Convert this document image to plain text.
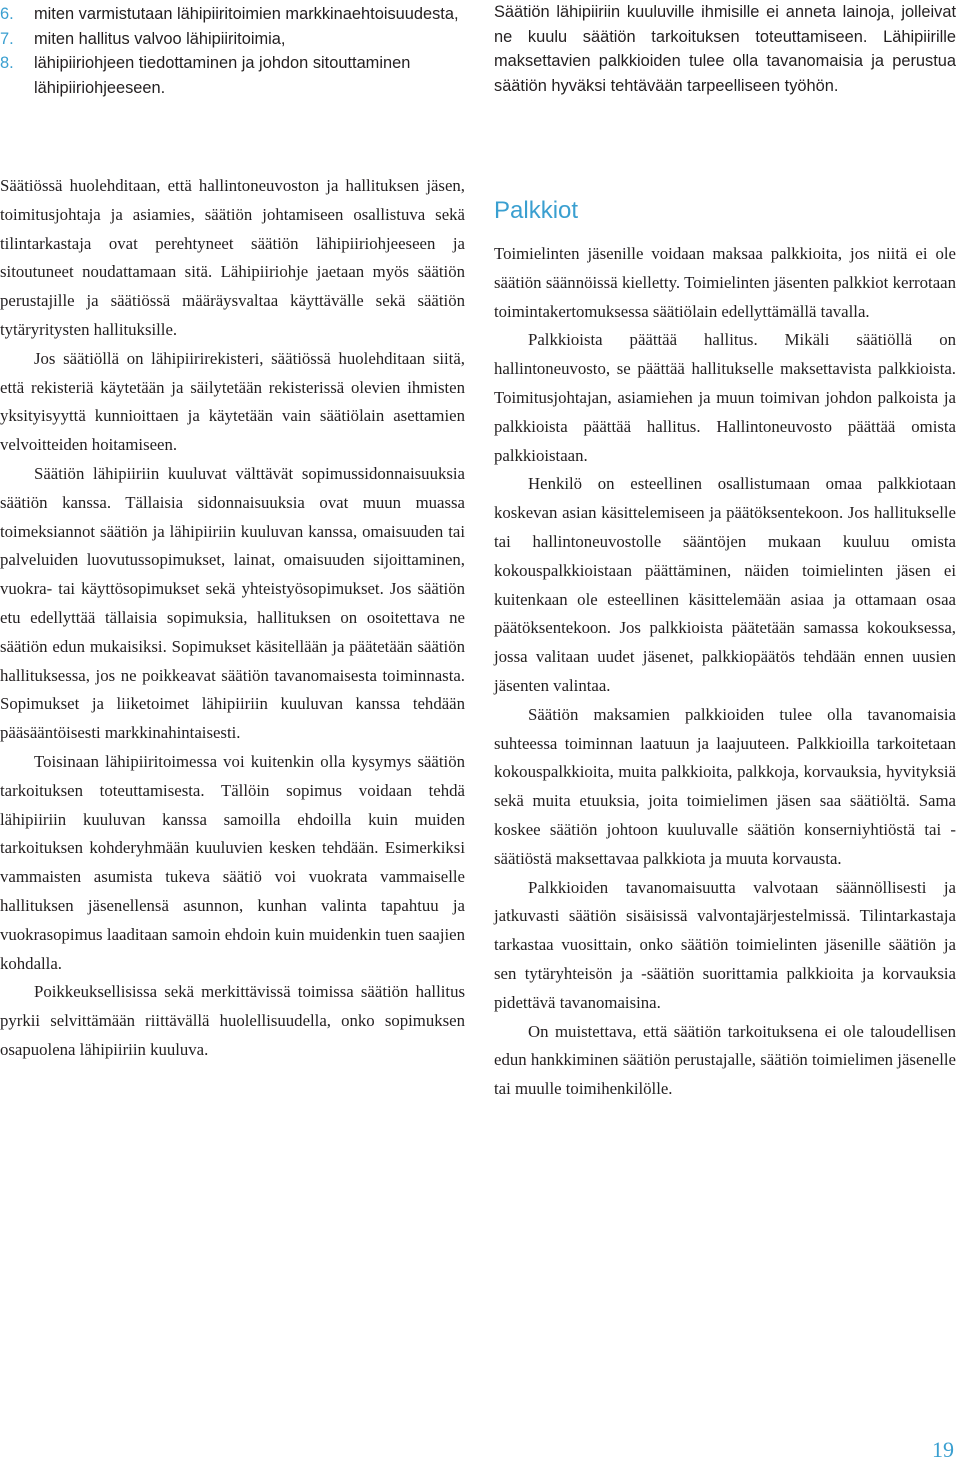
6. miten varmistutaan lähipiiritoimien markkinaehtoisuudesta,
7. miten hallitus valvoo lähipiiritoimia,
8. lähipiiriohjeen tiedottaminen ja johdon sitouttaminen lähipiiriohjeeseen.

Säätiössä huolehditaan, että hallintoneuvoston ja hallituksen jäsen, toimitusjohtaja ja asiamies, säätiön johtamiseen osallistuva sekä tilintarkastaja ovat perehtyneet säätiön lähipiiriohjeeseen ja sitoutuneet noudattamaan sitä. Lähipiiriohje jaetaan myös säätiön perustajille ja säätiössä määräysvaltaa käyttävälle sekä säätiön tytäryritysten hallituksille.

Jos säätiöllä on lähipiirirekisteri, säätiössä huolehditaan siitä, että rekisteriä käytetään ja säilytetään rekisterissä olevien ihmisten yksityisyyttä kunnioittaen ja käytetään vain säätiölain asettamien velvoitteiden hoitamiseen.

Säätiön lähipiiriin kuuluvat välttävät sopimussidonnaisuuksia säätiön kanssa. Tällaisia sidonnaisuuksia ovat muun muassa toimeksiannot säätiön ja lähipiiriin kuuluvan kanssa, omaisuuden tai palveluiden luovutussopimukset, lainat, omaisuuden sijoittaminen, vuokra- tai käyttösopimukset sekä yhteistyösopimukset. Jos säätiön etu edellyttää tällaisia sopimuksia, hallituksen on osoitettava ne säätiön edun mukaisiksi. Sopimukset käsitellään ja päätetään säätiön hallituksessa, jos ne poikkeavat säätiön tavanomaisesta toiminnasta. Sopimukset ja liiketoimet lähipiiriin kuuluvan kanssa tehdään pääsääntöisesti markkinahintaisesti.

Toisinaan lähipiiritoimessa voi kuitenkin olla kysymys säätiön tarkoituksen toteuttamisesta. Tällöin sopimus voidaan tehdä lähipiiriin kuuluvan kanssa samoilla ehdoilla kuin muiden tarkoituksen kohderyhmään kuuluvien kesken tehdään. Esimerkiksi vammaisten asumista tukeva säätiö voi vuokrata vammaiselle hallituksen jäsenellensä asunnon, kunhan valinta tapahtuu ja vuokrasopimus laaditaan samoin ehdoin kuin muidenkin tuen saajien kohdalla.

Poikkeuksellisissa sekä merkittävissä toimissa säätiön hallitus pyrkii selvittämään riittävällä huolellisuudella, onko sopimuksen osapuolena lähipiiriin kuuluva.

Säätiön lähipiiriin kuuluville ihmisille ei anneta lainoja, jolleivat ne kuulu säätiön tarkoituksen toteuttamiseen. Lähipiirille maksettavien palkkioiden tulee olla tavanomaisia ja perustua säätiön hyväksi tehtävään tarpeelliseen työhön.

Palkkiot

Toimielinten jäsenille voidaan maksaa palkkioita, jos niitä ei ole säätiön säännöissä kielletty. Toimielinten jäsenten palkkiot kerrotaan toimintakertomuksessa säätiölain edellyttämällä tavalla.

Palkkioista päättää hallitus. Mikäli säätiöllä on hallintoneuvosto, se päättää hallitukselle maksettavista palkkioista. Toimitusjohtajan, asiamiehen ja muun toimivan johdon palkoista ja palkkioista päättää hallitus. Hallintoneuvosto päättää omista palkkioistaan.

Henkilö on esteellinen osallistumaan omaa palkkiotaan koskevan asian käsittelemiseen ja päätöksentekoon. Jos hallitukselle tai hallintoneuvostolle sääntöjen mukaan kuuluu omista kokouspalkkioistaan päättäminen, näiden toimielinten jäsen ei kuitenkaan ole esteellinen käsittelemään asiaa ja ottamaan osaa päätöksentekoon. Jos palkkioista päätetään samassa kokouksessa, jossa valitaan uudet jäsenet, palkkiopäätös tehdään ennen uusien jäsenten valintaa.

Säätiön maksamien palkkioiden tulee olla tavanomaisia suhteessa toiminnan laatuun ja laajuuteen. Palkkioilla tarkoitetaan kokouspalkkioita, muita palkkioita, palkkoja, korvauksia, hyvityksiä sekä muita etuuksia, joita toimielimen jäsen saa säätiöltä. Sama koskee säätiön johtoon kuuluvalle säätiön konserniyhtiöstä tai -säätiöstä maksettavaa palkkiota ja muuta korvausta.

Palkkioiden tavanomaisuutta valvotaan säännöllisesti ja jatkuvasti säätiön sisäisissä valvontajärjestelmissä. Tilintarkastaja tarkastaa vuosittain, onko säätiön toimielinten jäsenille säätiön ja sen tytäryhteisön ja -säätiön suorittamia palkkioita ja korvauksia pidettävä tavanomaisina.

On muistettava, että säätiön tarkoituksena ei ole taloudellisen edun hankkiminen säätiön perustajalle, säätiön toimielimen jäsenelle tai muulle toimihenkilölle.

19
